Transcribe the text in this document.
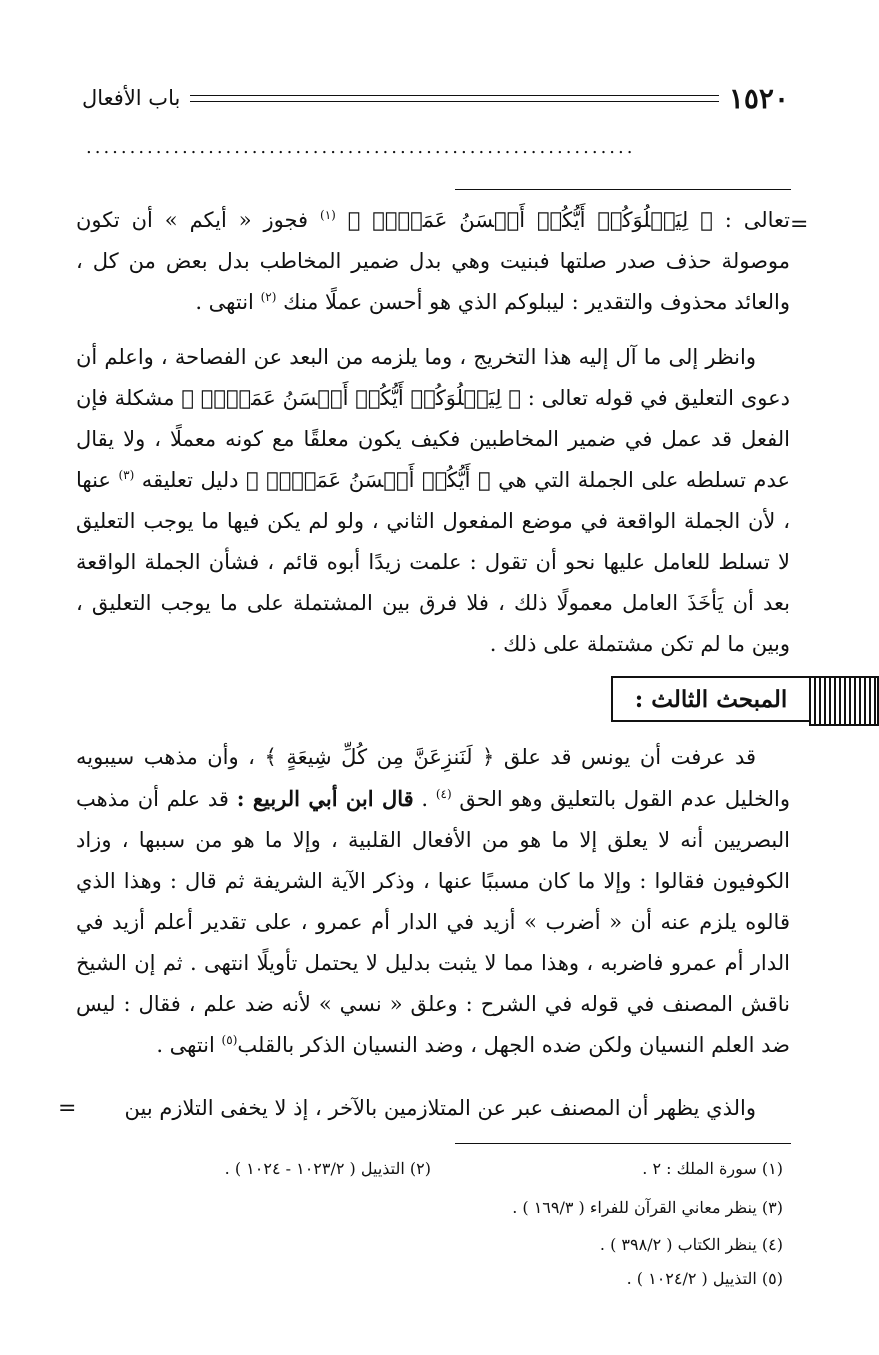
١٥٢٠
باب الأفعال
...............................................................
=

تعالى : ﴿ لِيَبۡلُوَكُمۡ أَيُّكُمۡ أَحۡسَنُ عَمَلٗاۚ ﴾ $^{(١)}$ فجوز « أيكم » أن تكون موصولة حذف صدر صلتها فبنيت وهي بدل ضمير المخاطب بدل بعض من كل ، والعائد محذوف والتقدير : ليبلوكم الذي هو أحسن عملًا منك $^{(٢)}$ انتهى .

وانظر إلى ما آل إليه هذا التخريج ، وما يلزمه من البعد عن الفصاحة ، واعلم أن دعوى التعليق في قوله تعالى : ﴿ لِيَبۡلُوَكُمۡ أَيُّكُمۡ أَحۡسَنُ عَمَلٗاۚ ﴾ مشكلة فإن الفعل قد عمل في ضمير المخاطبين فكيف يكون معلقًا مع كونه معملًا ، ولا يقال عدم تسلطه على الجملة التي هي ﴿ أَيُّكُمۡ أَحۡسَنُ عَمَلٗاۚ ﴾ دليل تعليقه $^{(٣)}$ عنها ، لأن الجملة الواقعة في موضع المفعول الثاني ، ولو لم يكن فيها ما يوجب التعليق لا تسلط للعامل عليها نحو أن تقول : علمت زيدًا أبوه قائم ، فشأن الجملة الواقعة بعد أن يَأخَذَ العامل معمولًا ذلك ، فلا فرق بين المشتملة على ما يوجب التعليق ، وبين ما لم تكن مشتملة على ذلك .

المبحث الثالث :

قد عرفت أن يونس قد علق ﴿ لَنَنزِعَنَّ مِن كُلِّ شِيعَةٍ ﴾ ، وأن مذهب سيبويه والخليل عدم القول بالتعليق وهو الحق $^{(٤)}$ . قال ابن أبي الربيع : قد علم أن مذهب البصريين أنه لا يعلق إلا ما هو من الأفعال القلبية ، وإلا ما هو من سببها ، وزاد الكوفيون فقالوا : وإلا ما كان مسببًا عنها ، وذكر الآية الشريفة ثم قال : وهذا الذي قالوه يلزم عنه أن « أضرب » أزيد في الدار أم عمرو ، على تقدير أعلم أزيد في الدار أم عمرو فاضربه ، وهذا مما لا يثبت بدليل لا يحتمل تأويلًا انتهى . ثم إن الشيخ ناقش المصنف في قوله في الشرح : وعلق « نسي » لأنه ضد علم ، فقال : ليس ضد العلم النسيان ولكن ضده الجهل ، وضد النسيان الذكر بالقلب$^{(٥)}$ انتهى .

والذي يظهر أن المصنف عبر عن المتلازمين بالآخر ، إذ لا يخفى التلازم بين

=
(١) سورة الملك : ٢ .
(٢) التذييل ( ١٠٢٣/٢ - ١٠٢٤ ) .
(٣) ينظر معاني القرآن للفراء ( ١٦٩/٣ ) .
(٤) ينظر الكتاب ( ٣٩٨/٢ ) .
(٥) التذييل ( ١٠٢٤/٢ ) .
